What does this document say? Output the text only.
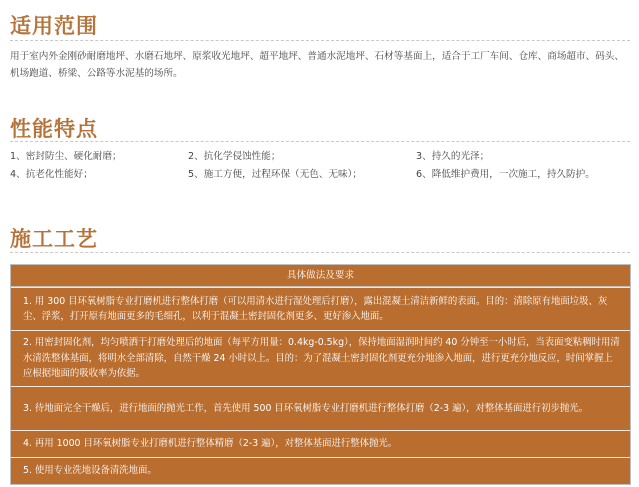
适用范围

用于室内外金刚砂耐磨地坪、水磨石地坪、原浆收光地坪、超平地坪、普通水泥地坪、石材等基面上，适合于工厂车间、仓库、商场超市、码头、机场跑道、桥梁、公路等水泥基的场所。

性能特点
1、密封防尘、硬化耐磨；	2、抗化学侵蚀性能；	3、持久的光泽；
4、抗老化性能好；	5、施工方便，过程环保（无色、无味）；	6、降低维护费用，一次施工，持久防护。
施工工艺
具体做法及要求
1. 用 300 目环氧树脂专业打磨机进行整体打磨（可以用清水进行湿处理后打磨），露出混凝土清洁新鲜的表面。目的：清除原有地面垃圾、灰尘、浮浆，打开原有地面更多的毛细孔，以利于混凝土密封固化剂更多、更好渗入地面。
2. 用密封固化剂，均匀喷洒于打磨处理后的地面（每平方用量：0.4kg-0.5kg），保持地面湿润时间约 40 分钟至一小时后，当表面变粘稠时用清水清洗整体基面，将明水全部清除，自然干燥 24 小时以上。目的：为了混凝土密封固化剂更充分地渗入地面，进行更充分地反应，时间掌握上应根据地面的吸收率为依据。
3. 待地面完全干燥后，进行地面的抛光工作，首先使用 500 目环氧树脂专业打磨机进行整体打磨（2-3 遍），对整体基面进行初步抛光。
4. 再用 1000 目环氧树脂专业打磨机进行整体精磨（2-3 遍），对整体基面进行整体抛光。
5. 使用专业洗地设备清洗地面。
